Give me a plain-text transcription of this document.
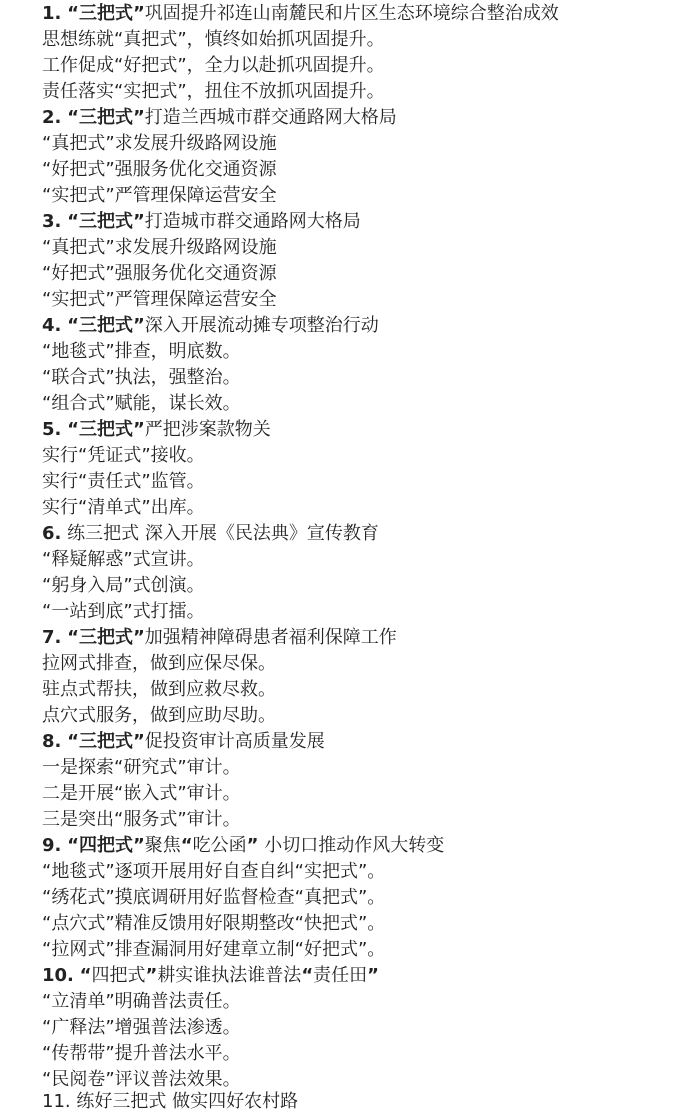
1. “三把式”巩固提升祁连山南麓民和片区生态环境综合整治成效
思想练就“真把式”，慎终如始抓巩固提升。
工作促成“好把式”，全力以赴抓巩固提升。
责任落实“实把式”，扭住不放抓巩固提升。
2. “三把式”打造兰西城市群交通路网大格局
“真把式”求发展升级路网设施
“好把式”强服务优化交通资源
“实把式”严管理保障运营安全
3. “三把式”打造城市群交通路网大格局
“真把式”求发展升级路网设施
“好把式”强服务优化交通资源
“实把式”严管理保障运营安全
4. “三把式”深入开展流动摊专项整治行动
“地毯式”排查，明底数。
“联合式”执法，强整治。
“组合式”赋能，谋长效。
5. “三把式”严把涉案款物关
实行“凭证式”接收。
实行“责任式”监管。
实行“清单式”出库。
6. 练三把式 深入开展《民法典》宣传教育
“释疑解惑”式宣讲。
“躬身入局”式创演。
“一站到底”式打擂。
7. “三把式”加强精神障碍患者福利保障工作
拉网式排查，做到应保尽保。
驻点式帮扶，做到应救尽救。
点穴式服务，做到应助尽助。
8. “三把式”促投资审计高质量发展
一是探索“研究式”审计。
二是开展“嵌入式”审计。
三是突出“服务式”审计。
9. “四把式”聚焦“吃公函” 小切口推动作风大转变
“地毯式”逐项开展用好自查自纠“实把式”。
“绣花式”摸底调研用好监督检查“真把式”。
“点穴式”精准反馈用好限期整改“快把式”。
“拉网式”排查漏洞用好建章立制“好把式”。
10. “四把式”耕实谁执法谁普法“责任田”
“立清单”明确普法责任。
“广释法”增强普法渗透。
“传帮带”提升普法水平。
“民阅卷”评议普法效果。
11. 练好三把式 做实四好农村路
